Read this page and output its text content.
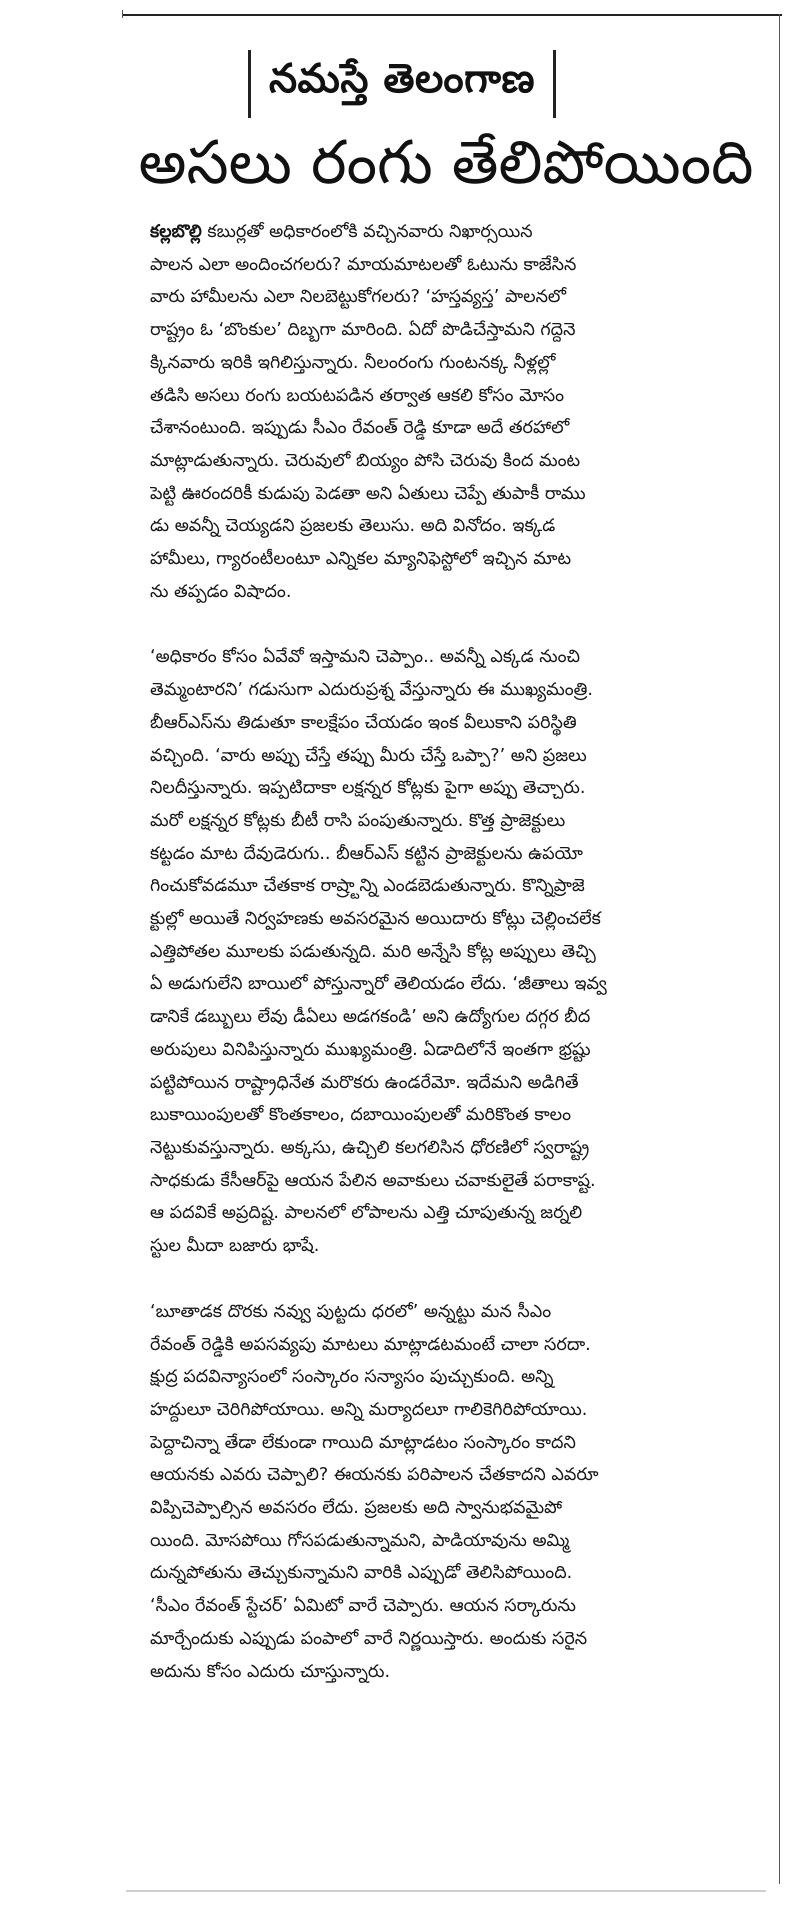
నమస్తే తెలంగాణ
అసలు రంగు తేలిపోయింది

కల్లబొల్లి కబుర్లతో అధికారంలోకి వచ్చినవారు నిఖార్సయిన
పాలన ఎలా అందించగలరు? మాయమాటలతో ఓటును కాజేసిన
వారు హామీలను ఎలా నిలబెట్టుకోగలరు? ‘హస్తవ్యస్త’ పాలనలో
రాష్ట్రం ఓ ‘బొంకుల’ దిబ్బగా మారింది. ఏదో పొడిచేస్తామని గద్దెనె
క్కినవారు ఇరికి ఇగిలిస్తున్నారు. నీలంరంగు గుంటనక్క నీళ్లల్లో
తడిసి అసలు రంగు బయటపడిన తర్వాత ఆకలి కోసం మోసం
చేశానంటుంది. ఇప్పుడు సీఎం రేవంత్ రెడ్డి కూడా అదే తరహాలో
మాట్లాడుతున్నారు. చెరువులో బియ్యం పోసి చెరువు కింద మంట
పెట్టి ఊరందరికీ కుడుపు పెడతా అని ఏతులు చెప్పే తుపాకీ రాము
డు అవన్నీ చెయ్యడని ప్రజలకు తెలుసు. అది వినోదం. ఇక్కడ
హామీలు, గ్యారంటీలంటూ ఎన్నికల మ్యానిఫెస్టోలో ఇచ్చిన మాట
ను తప్పడం విషాదం.

‘అధికారం కోసం ఏవేవో ఇస్తామని చెప్పాం.. అవన్నీ ఎక్కడ నుంచి
తెమ్మంటారని’ గడుసుగా ఎదురుప్రశ్న వేస్తున్నారు ఈ ముఖ్యమంత్రి.
బీఆర్ఎస్‌ను తిడుతూ కాలక్షేపం చేయడం ఇంక వీలుకాని పరిస్థితి
వచ్చింది. ‘వారు అప్పు చేస్తే తప్పు మీరు చేస్తే ఒప్పా?’ అని ప్రజలు
నిలదీస్తున్నారు. ఇప్పటిదాకా లక్షన్నర కోట్లకు పైగా అప్పు తెచ్చారు.
మరో లక్షన్నర కోట్లకు బీటీ రాసి పంపుతున్నారు. కొత్త ప్రాజెక్టులు
కట్టడం మాట దేవుడెరుగు.. బీఆర్ఎస్ కట్టిన ప్రాజెక్టులను ఉపయో
గించుకోవడమూ చేతకాక రాష్ర్టాన్ని ఎండబెడుతున్నారు. కొన్నిప్రాజె
క్టుల్లో అయితే నిర్వహణకు అవసరమైన అయిదారు కోట్లు చెల్లించలేక
ఎత్తిపోతల మూలకు పడుతున్నది. మరి అన్నేసి కోట్ల అప్పులు తెచ్చి
ఏ అడుగులేని బాయిలో పోస్తున్నారో తెలియడం లేదు. ‘జీతాలు ఇవ్వ
డానికే డబ్బులు లేవు డీఏలు అడగకండి’ అని ఉద్యోగుల దగ్గర బీద
అరుపులు వినిపిస్తున్నారు ముఖ్యమంత్రి. ఏడాదిలోనే ఇంతగా భ్రష్టు
పట్టిపోయిన రాష్ట్రాధినేత మరొకరు ఉండరేమో. ఇదేమని అడిగితే
బుకాయింపులతో కొంతకాలం, దబాయింపులతో మరికొంత కాలం
నెట్టుకువస్తున్నారు. అక్కసు, ఉచ్చిలి కలగలిసిన ధోరణిలో స్వరాష్ట్ర
సాధకుడు కేసీఆర్‌పై ఆయన పేలిన అవాకులు చవాకులైతే పరాకాష్ట.
ఆ పదవికే అప్రదిష్ట. పాలనలో లోపాలను ఎత్తి చూపుతున్న జర్నలి
స్టుల మీదా బజారు భాషే.

‘బూతాడక దొరకు నవ్వు పుట్టదు ధరలో’ అన్నట్టు మన సీఎం
రేవంత్ రెడ్డికి అపసవ్యపు మాటలు మాట్లాడటమంటే చాలా సరదా.
క్షుద్ర పదవిన్యాసంలో సంస్కారం సన్యాసం పుచ్చుకుంది. అన్ని
హద్దులూ చెరిగిపోయాయి. అన్ని మర్యాదలూ గాలికెగిరిపోయాయి.
పెద్దాచిన్నా తేడా లేకుండా గాయిది మాట్లాడటం సంస్కారం కాదని
ఆయనకు ఎవరు చెప్పాలి? ఈయనకు పరిపాలన చేతకాదని ఎవరూ
విప్పిచెప్పాల్సిన అవసరం లేదు. ప్రజలకు అది స్వానుభవమైపో
యింది. మోసపోయి గోసపడుతున్నామని, పాడియావును అమ్మి
దున్నపోతును తెచ్చుకున్నామని వారికి ఎప్పుడో తెలిసిపోయింది.
‘సీఎం రేవంత్ స్టేచర్’ ఏమిటో వారే చెప్పారు. ఆయన సర్కారును
మార్చేందుకు ఎప్పుడు పంపాలో వారే నిర్ణయిస్తారు. అందుకు సరైన
అదును కోసం ఎదురు చూస్తున్నారు.
